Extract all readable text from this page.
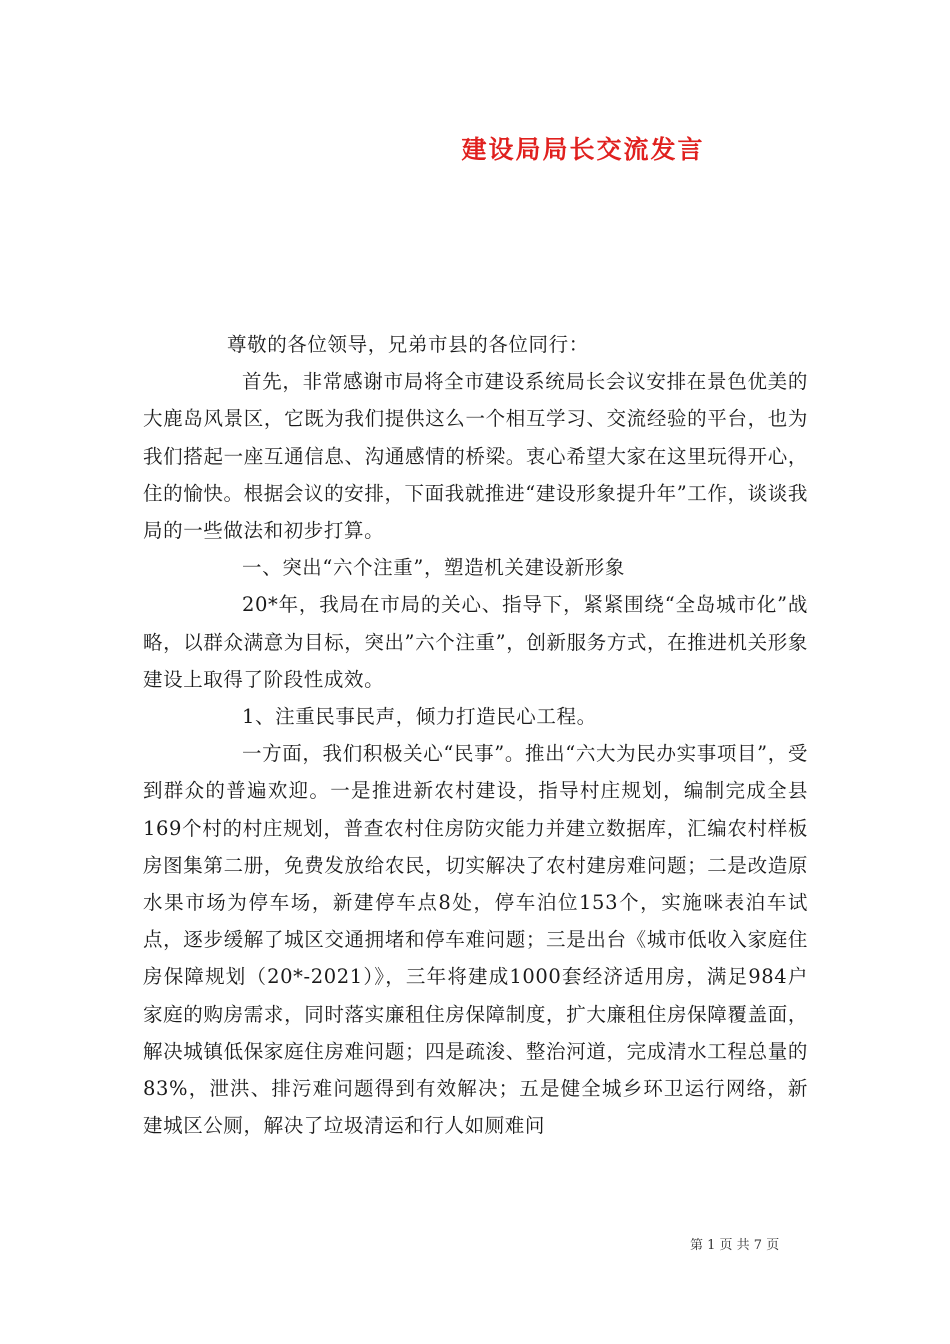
建设局局长交流发言

尊敬的各位领导，兄弟市县的各位同行：

首先，非常感谢市局将全市建设系统局长会议安排在景色优美的大鹿岛风景区，它既为我们提供这么一个相互学习、交流经验的平台，也为我们搭起一座互通信息、沟通感情的桥梁。衷心希望大家在这里玩得开心，住的愉快。根据会议的安排，下面我就推进“建设形象提升年”工作，谈谈我局的一些做法和初步打算。

一、突出“六个注重”，塑造机关建设新形象

20*年，我局在市局的关心、指导下，紧紧围绕“全岛城市化”战略，以群众满意为目标，突出”六个注重”，创新服务方式，在推进机关形象建设上取得了阶段性成效。

1、注重民事民声，倾力打造民心工程。

一方面，我们积极关心“民事”。推出“六大为民办实事项目”，受到群众的普遍欢迎。一是推进新农村建设，指导村庄规划，编制完成全县169个村的村庄规划，普查农村住房防灾能力并建立数据库，汇编农村样板房图集第二册，免费发放给农民，切实解决了农村建房难问题；二是改造原水果市场为停车场，新建停车点8处，停车泊位153个，实施咪表泊车试点，逐步缓解了城区交通拥堵和停车难问题；三是出台《城市低收入家庭住房保障规划（20*-2021）》，三年将建成1000套经济适用房，满足984户家庭的购房需求，同时落实廉租住房保障制度，扩大廉租住房保障覆盖面，解决城镇低保家庭住房难问题；四是疏浚、整治河道，完成清水工程总量的83%，泄洪、排污难问题得到有效解决；五是健全城乡环卫运行网络，新建城区公厕，解决了垃圾清运和行人如厕难问

第 1 页 共 7 页
